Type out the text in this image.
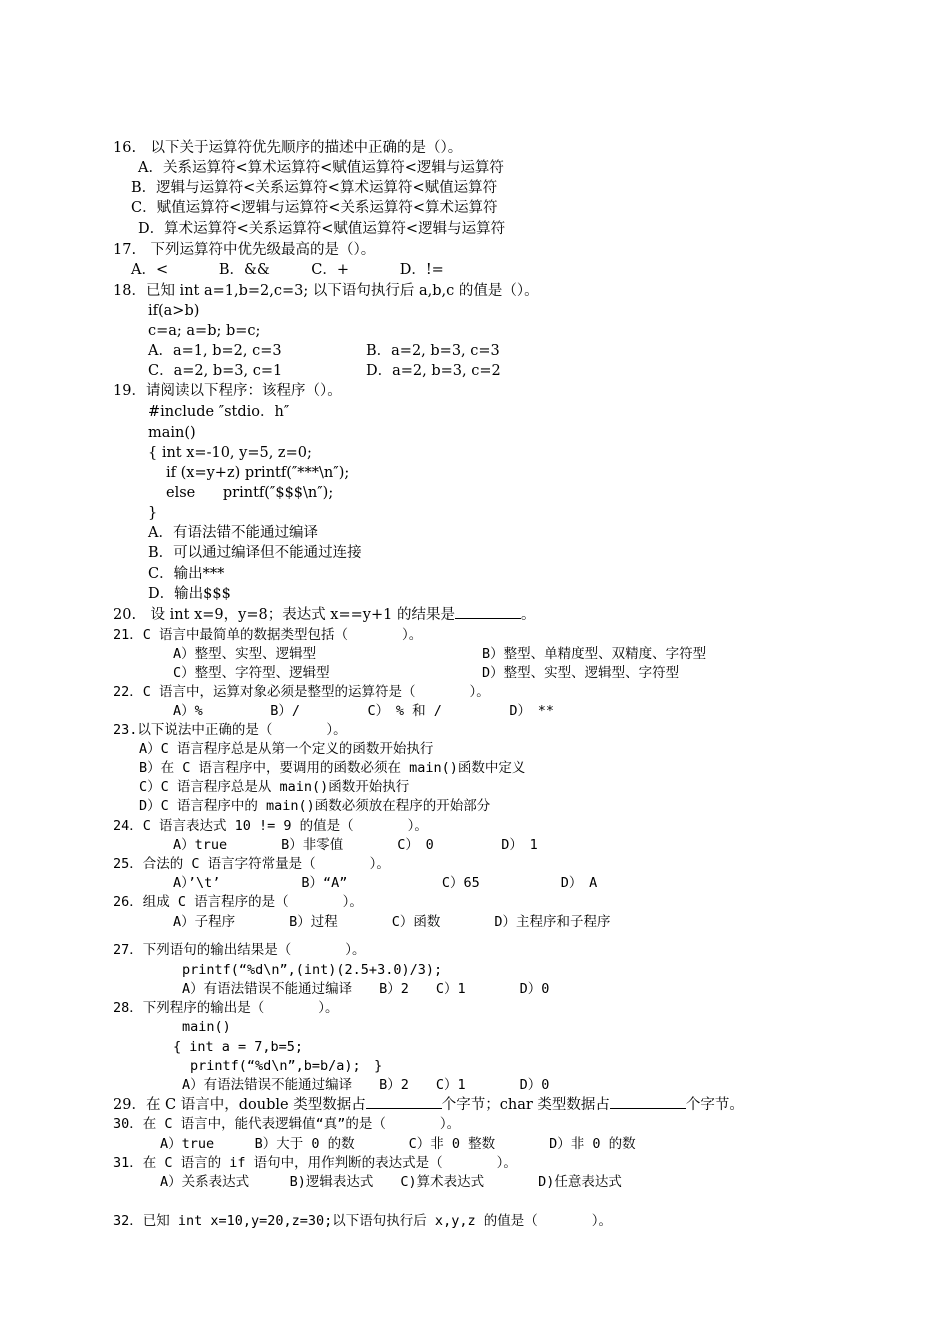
16.　以下关于运算符优先顺序的描述中正确的是（）。
A．关系运算符<算术运算符<赋值运算符<逻辑与运算符
B．逻辑与运算符<关系运算符<算术运算符<赋值运算符
C．赋值运算符<逻辑与运算符<关系运算符<算术运算符
D．算术运算符<关系运算符<赋值运算符<逻辑与运算符
17.　下列运算符中优先级最高的是（）。
A．<           B．&&         C．+           D．!=
18．已知 int a=1,b=2,c=3; 以下语句执行后 a,b,c 的值是（）。
if(a>b)
c=a; a=b; b=c;
A．a=1, b=2, c=3	B．a=2, b=3, c=3
C．a=2, b=3, c=1	D．a=2, b=3, c=2
19．请阅读以下程序：该程序（）。
#include ″stdio．h″
main()
{ int x=-10, y=5, z=0;
if (x=y+z) printf(″***\n″);
else      printf(″$$$\n″);
}
A．有语法错不能通过编译
B．可以通过编译但不能通过连接
C．输出***
D．输出$$$
20.　设 int x=9，y=8；表达式 x==y+1 的结果是	。
21．C 语言中最简单的数据类型包括（　　　　）。
A）整型、实型、逻辑型	B）整型、单精度型、双精度、字符型
C）整型、字符型、逻辑型	D）整型、实型、逻辑型、字符型
22．C 语言中，运算对象必须是整型的运算符是（　　　　）。
A）%　　　　　B）/　　　　　C）　% 和 /　　　　　D）　**
23.以下说法中正确的是（　　　　）。
A）C 语言程序总是从第一个定义的函数开始执行
B）在 C 语言程序中，要调用的函数必须在 main()函数中定义
C）C 语言程序总是从 main()函数开始执行
D）C 语言程序中的 main()函数必须放在程序的开始部分
24．C 语言表达式 10 != 9 的值是（　　　　）。
A）true　　　　B）非零值　　　　C）　0　　　　　D）　1
25．合法的 C 语言字符常量是（　　　　）。
A）’\t’　　　　　　B）“A”　　　　　　　C）65　　　　　　D）　A
26．组成 C 语言程序的是（　　　　）。
A）子程序　　　　B）过程　　　　C）函数　　　　D）主程序和子程序
27．下列语句的输出结果是（　　　　）。
printf(“%d\n”,(int)(2.5+3.0)/3);
A）有语法错误不能通过编译　　B）2　　C）1　　　　D）0
28．下列程序的输出是（　　　　）。
main()
{ int a = 7,b=5;
printf(“%d\n”,b=b/a);　}
A）有语法错误不能通过编译　　B）2　　C）1　　　　D）0
29．在 C 语言中，double 类型数据占	个字节；char 类型数据占	个字节。
30．在 C 语言中，能代表逻辑值“真”的是（　　　　）。
A）true　　　B）大于 0 的数　　　　C）非 0 整数　　　　D）非 0 的数
31．在 C 语言的 if 语句中，用作判断的表达式是（　　　　）。
A）关系表达式　　　B)逻辑表达式　　C)算术表达式　　　　D)任意表达式
32．已知 int x=10,y=20,z=30;以下语句执行后 x,y,z 的值是（　　　　）。
